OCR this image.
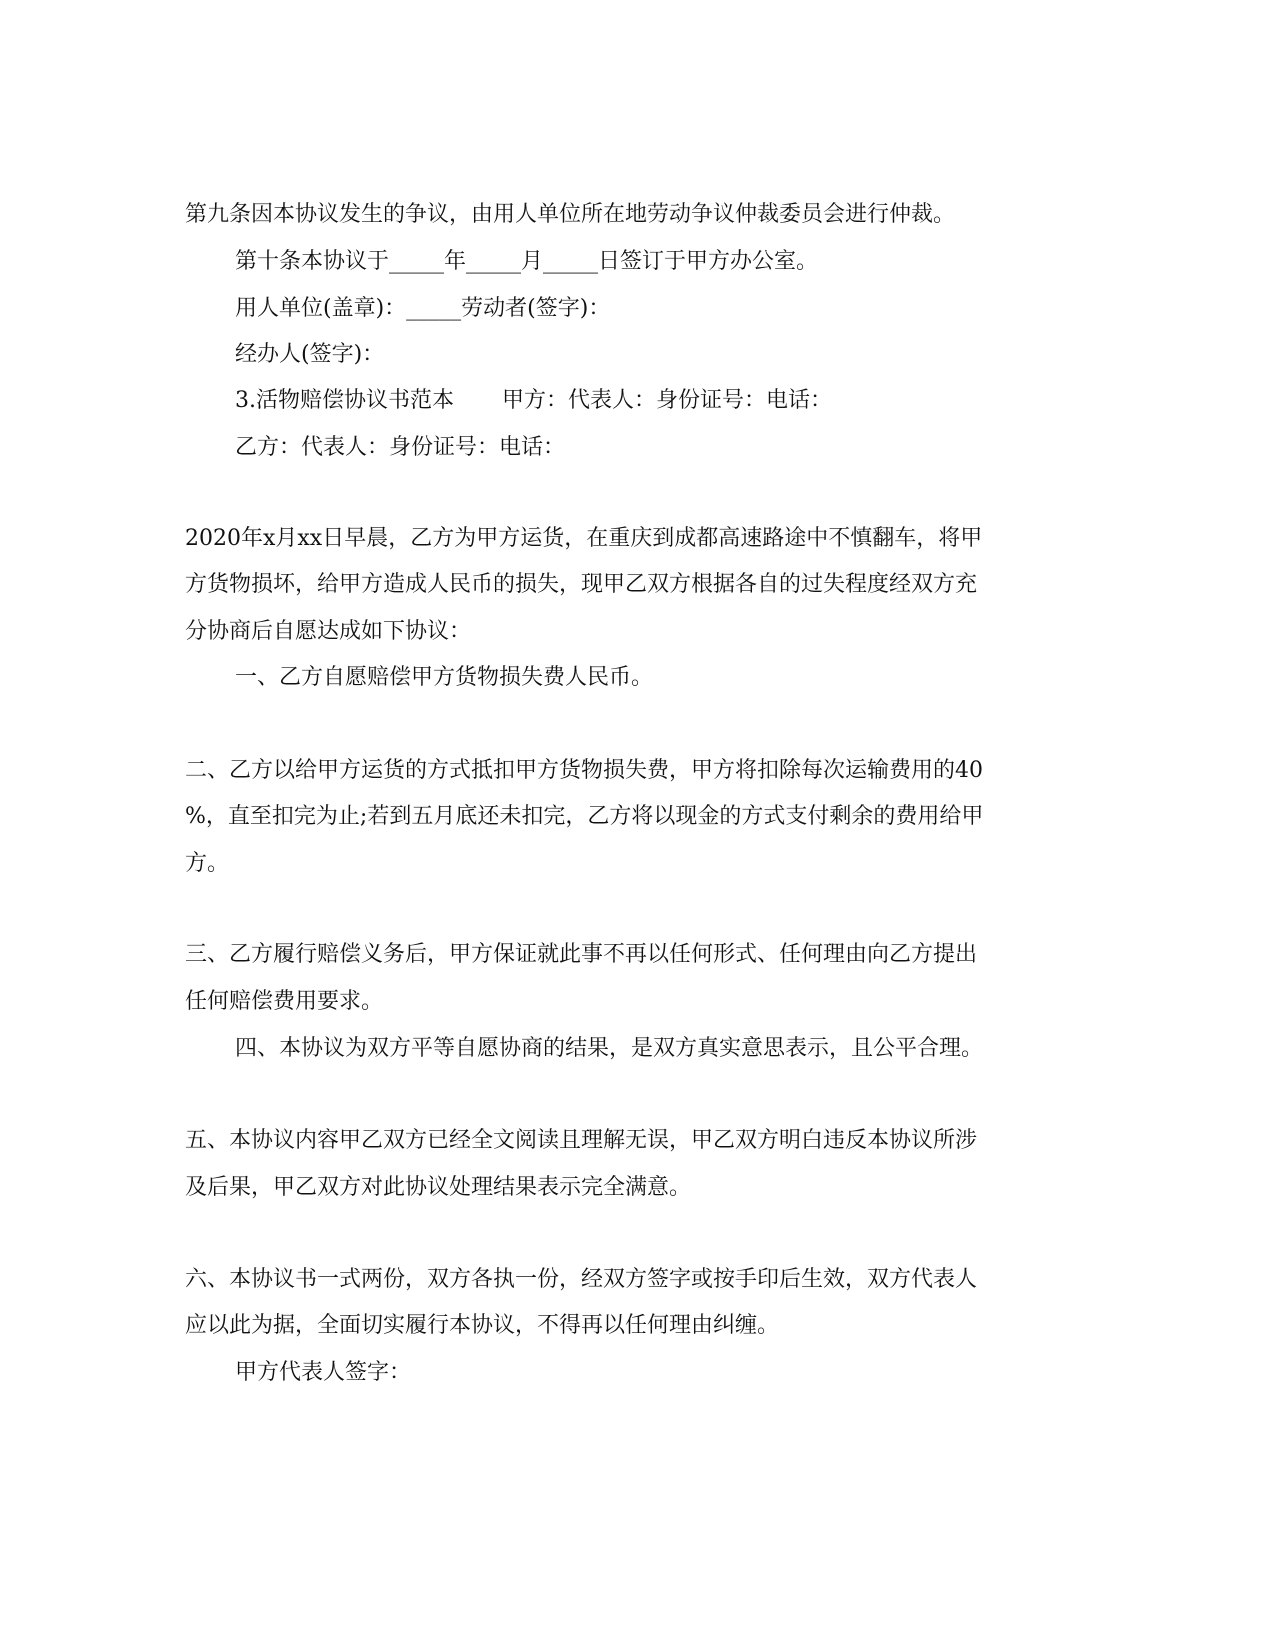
第九条因本协议发生的争议，由用人单位所在地劳动争议仲裁委员会进行仲裁。
第十条本协议于_____年_____月_____日签订于甲方办公室。
用人单位(盖章)：_____劳动者(签字)：
经办人(签字)：
3.活物赔偿协议书范本 甲方：代表人：身份证号：电话：
乙方：代表人：身份证号：电话：
2020年x月xx日早晨，乙方为甲方运货，在重庆到成都高速路途中不慎翻车，将甲
方货物损坏，给甲方造成人民币的损失，现甲乙双方根据各自的过失程度经双方充
分协商后自愿达成如下协议：
一、乙方自愿赔偿甲方货物损失费人民币。
二、乙方以给甲方运货的方式抵扣甲方货物损失费，甲方将扣除每次运输费用的40
%，直至扣完为止;若到五月底还未扣完，乙方将以现金的方式支付剩余的费用给甲
方。
三、乙方履行赔偿义务后，甲方保证就此事不再以任何形式、任何理由向乙方提出
任何赔偿费用要求。
四、本协议为双方平等自愿协商的结果，是双方真实意思表示，且公平合理。
五、本协议内容甲乙双方已经全文阅读且理解无误，甲乙双方明白违反本协议所涉
及后果，甲乙双方对此协议处理结果表示完全满意。
六、本协议书一式两份，双方各执一份，经双方签字或按手印后生效，双方代表人
应以此为据，全面切实履行本协议，不得再以任何理由纠缠。
甲方代表人签字：
